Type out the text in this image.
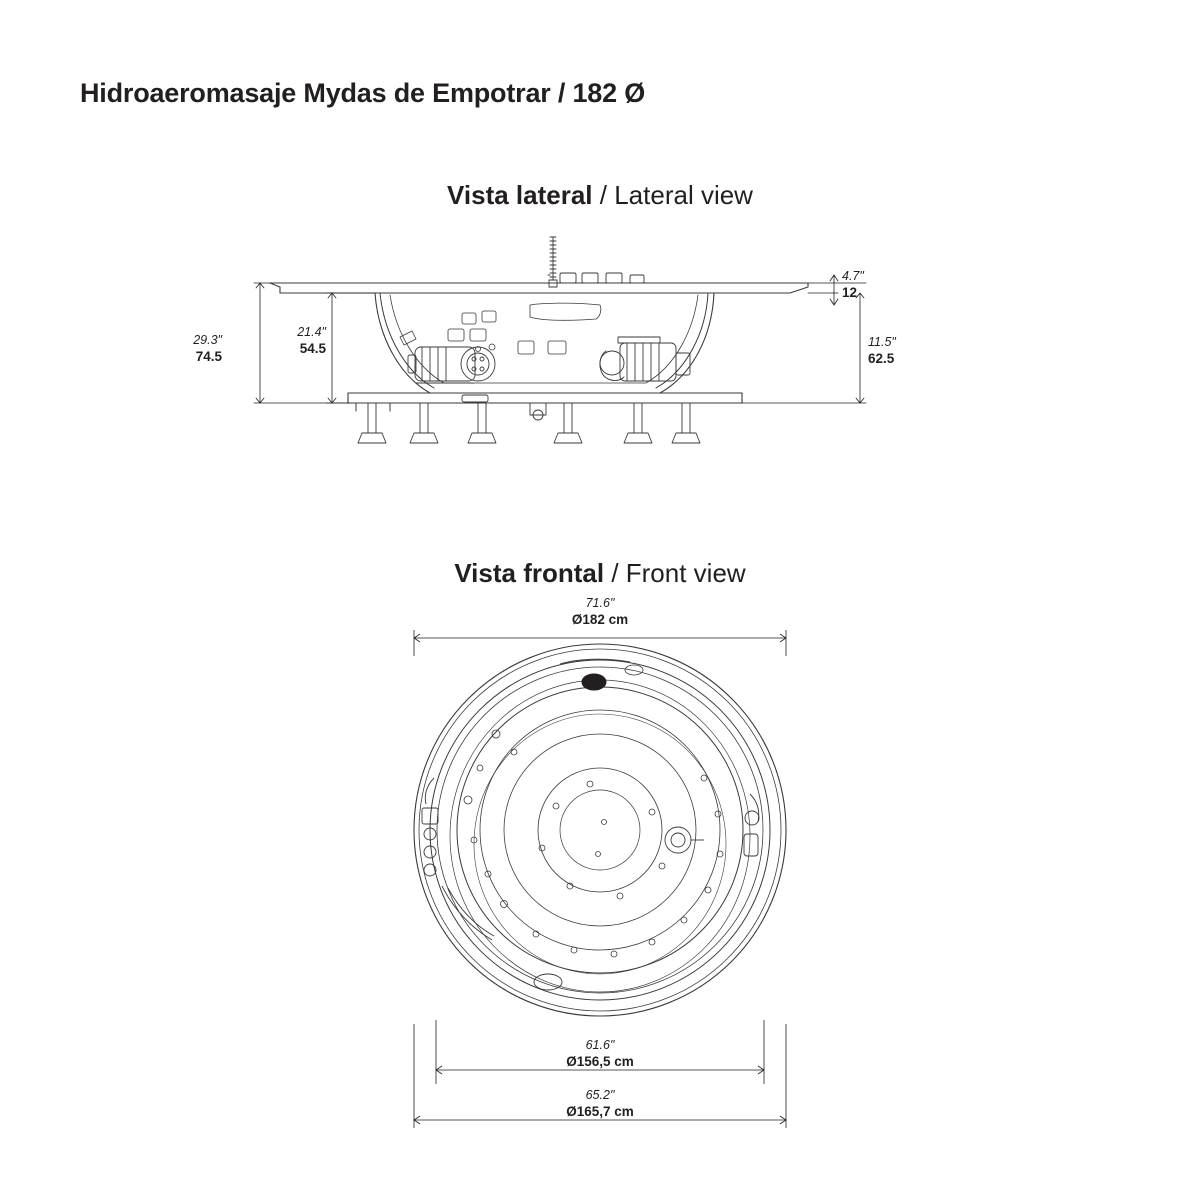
Hidroaeromasaje Mydas de Empotrar / 182 Ø
Vista lateral / Lateral view
29.3"
74.5
21.4"
54.5
4.7"
12
11.5"
62.5
Vista frontal / Front view
71.6"
Ø182 cm
61.6"
Ø156,5 cm
65.2"
Ø165,7 cm
